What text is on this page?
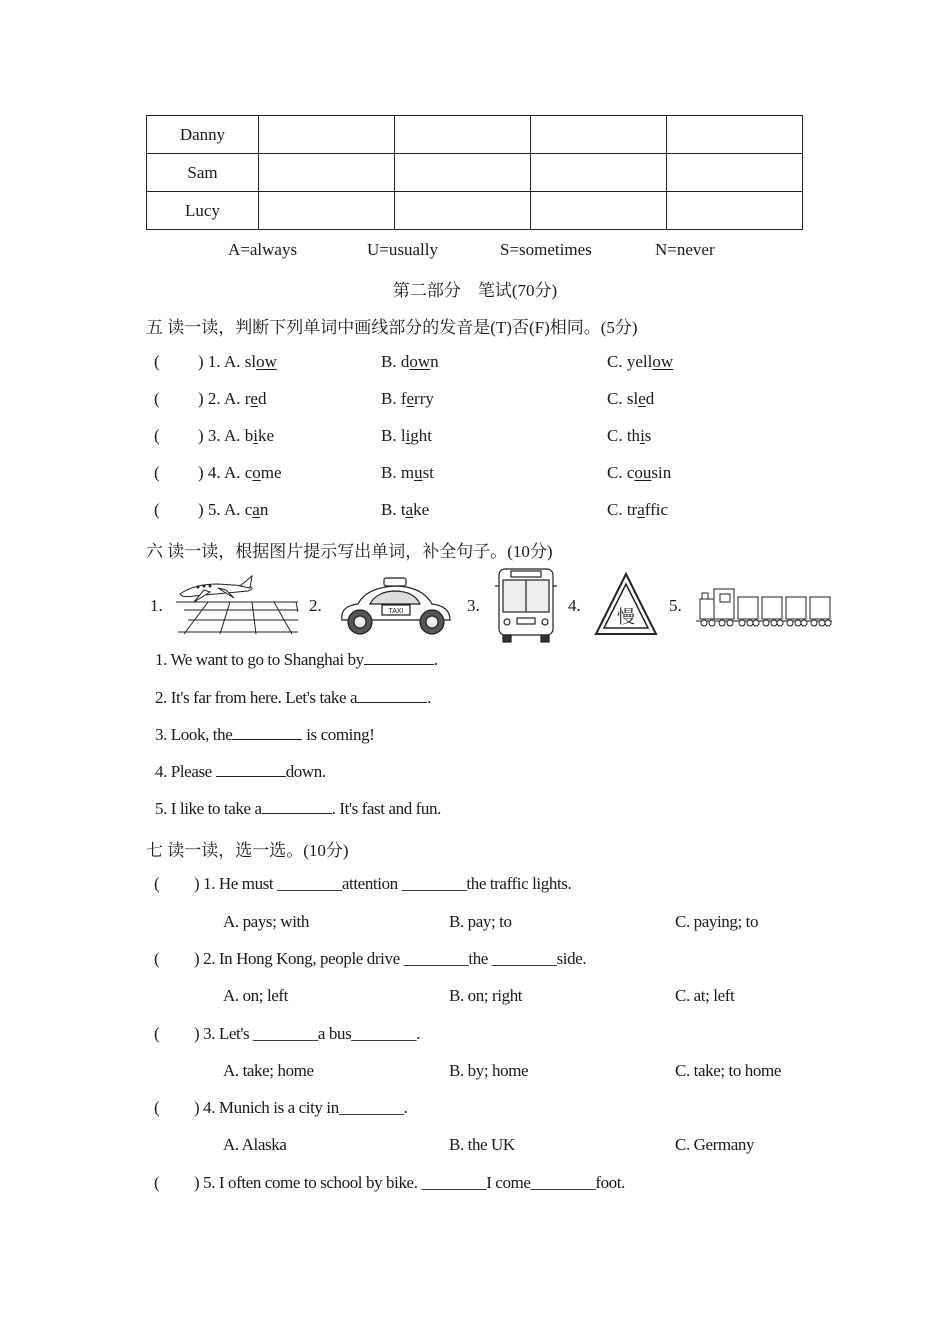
Danny				
Sam				
Lucy				
A=always	U=usually	S=sometimes	N=never
第二部分　笔试(70分)
五 读一读，判断下列单词中画线部分的发音是(T)否(F)相同。(5分)
( ) 1. A. slow	B. down	C. yellow
( ) 2. A. red	B. ferry	C. sled
( ) 3. A. bike	B. light	C. this
( ) 4. A. come	B. must	C. cousin
( ) 5. A. can	B. take	C. traffic
六 读一读，根据图片提示写出单词，补全句子。(10分)
1.	2.	3.	4.	5.
TAXI	慢
1. We want to go to Shanghai by	.
2. It's far from here. Let's take a	.
3. Look, the	is coming!
4. Please	down.
5. I like to take a	. It's fast and fun.
七 读一读，选一选。(10分)
( ) 1. He must ________attention ________the traffic lights.
A. pays; with	B. pay; to	C. paying; to
( ) 2. In Hong Kong, people drive ________the ________side.
A. on; left	B. on; right	C. at; left
( ) 3. Let's ________a bus________.
A. take; home	B. by; home	C. take; to home
( ) 4. Munich is a city in________.
A. Alaska	B. the UK	C. Germany
( ) 5. I often come to school by bike. ________I come________foot.
